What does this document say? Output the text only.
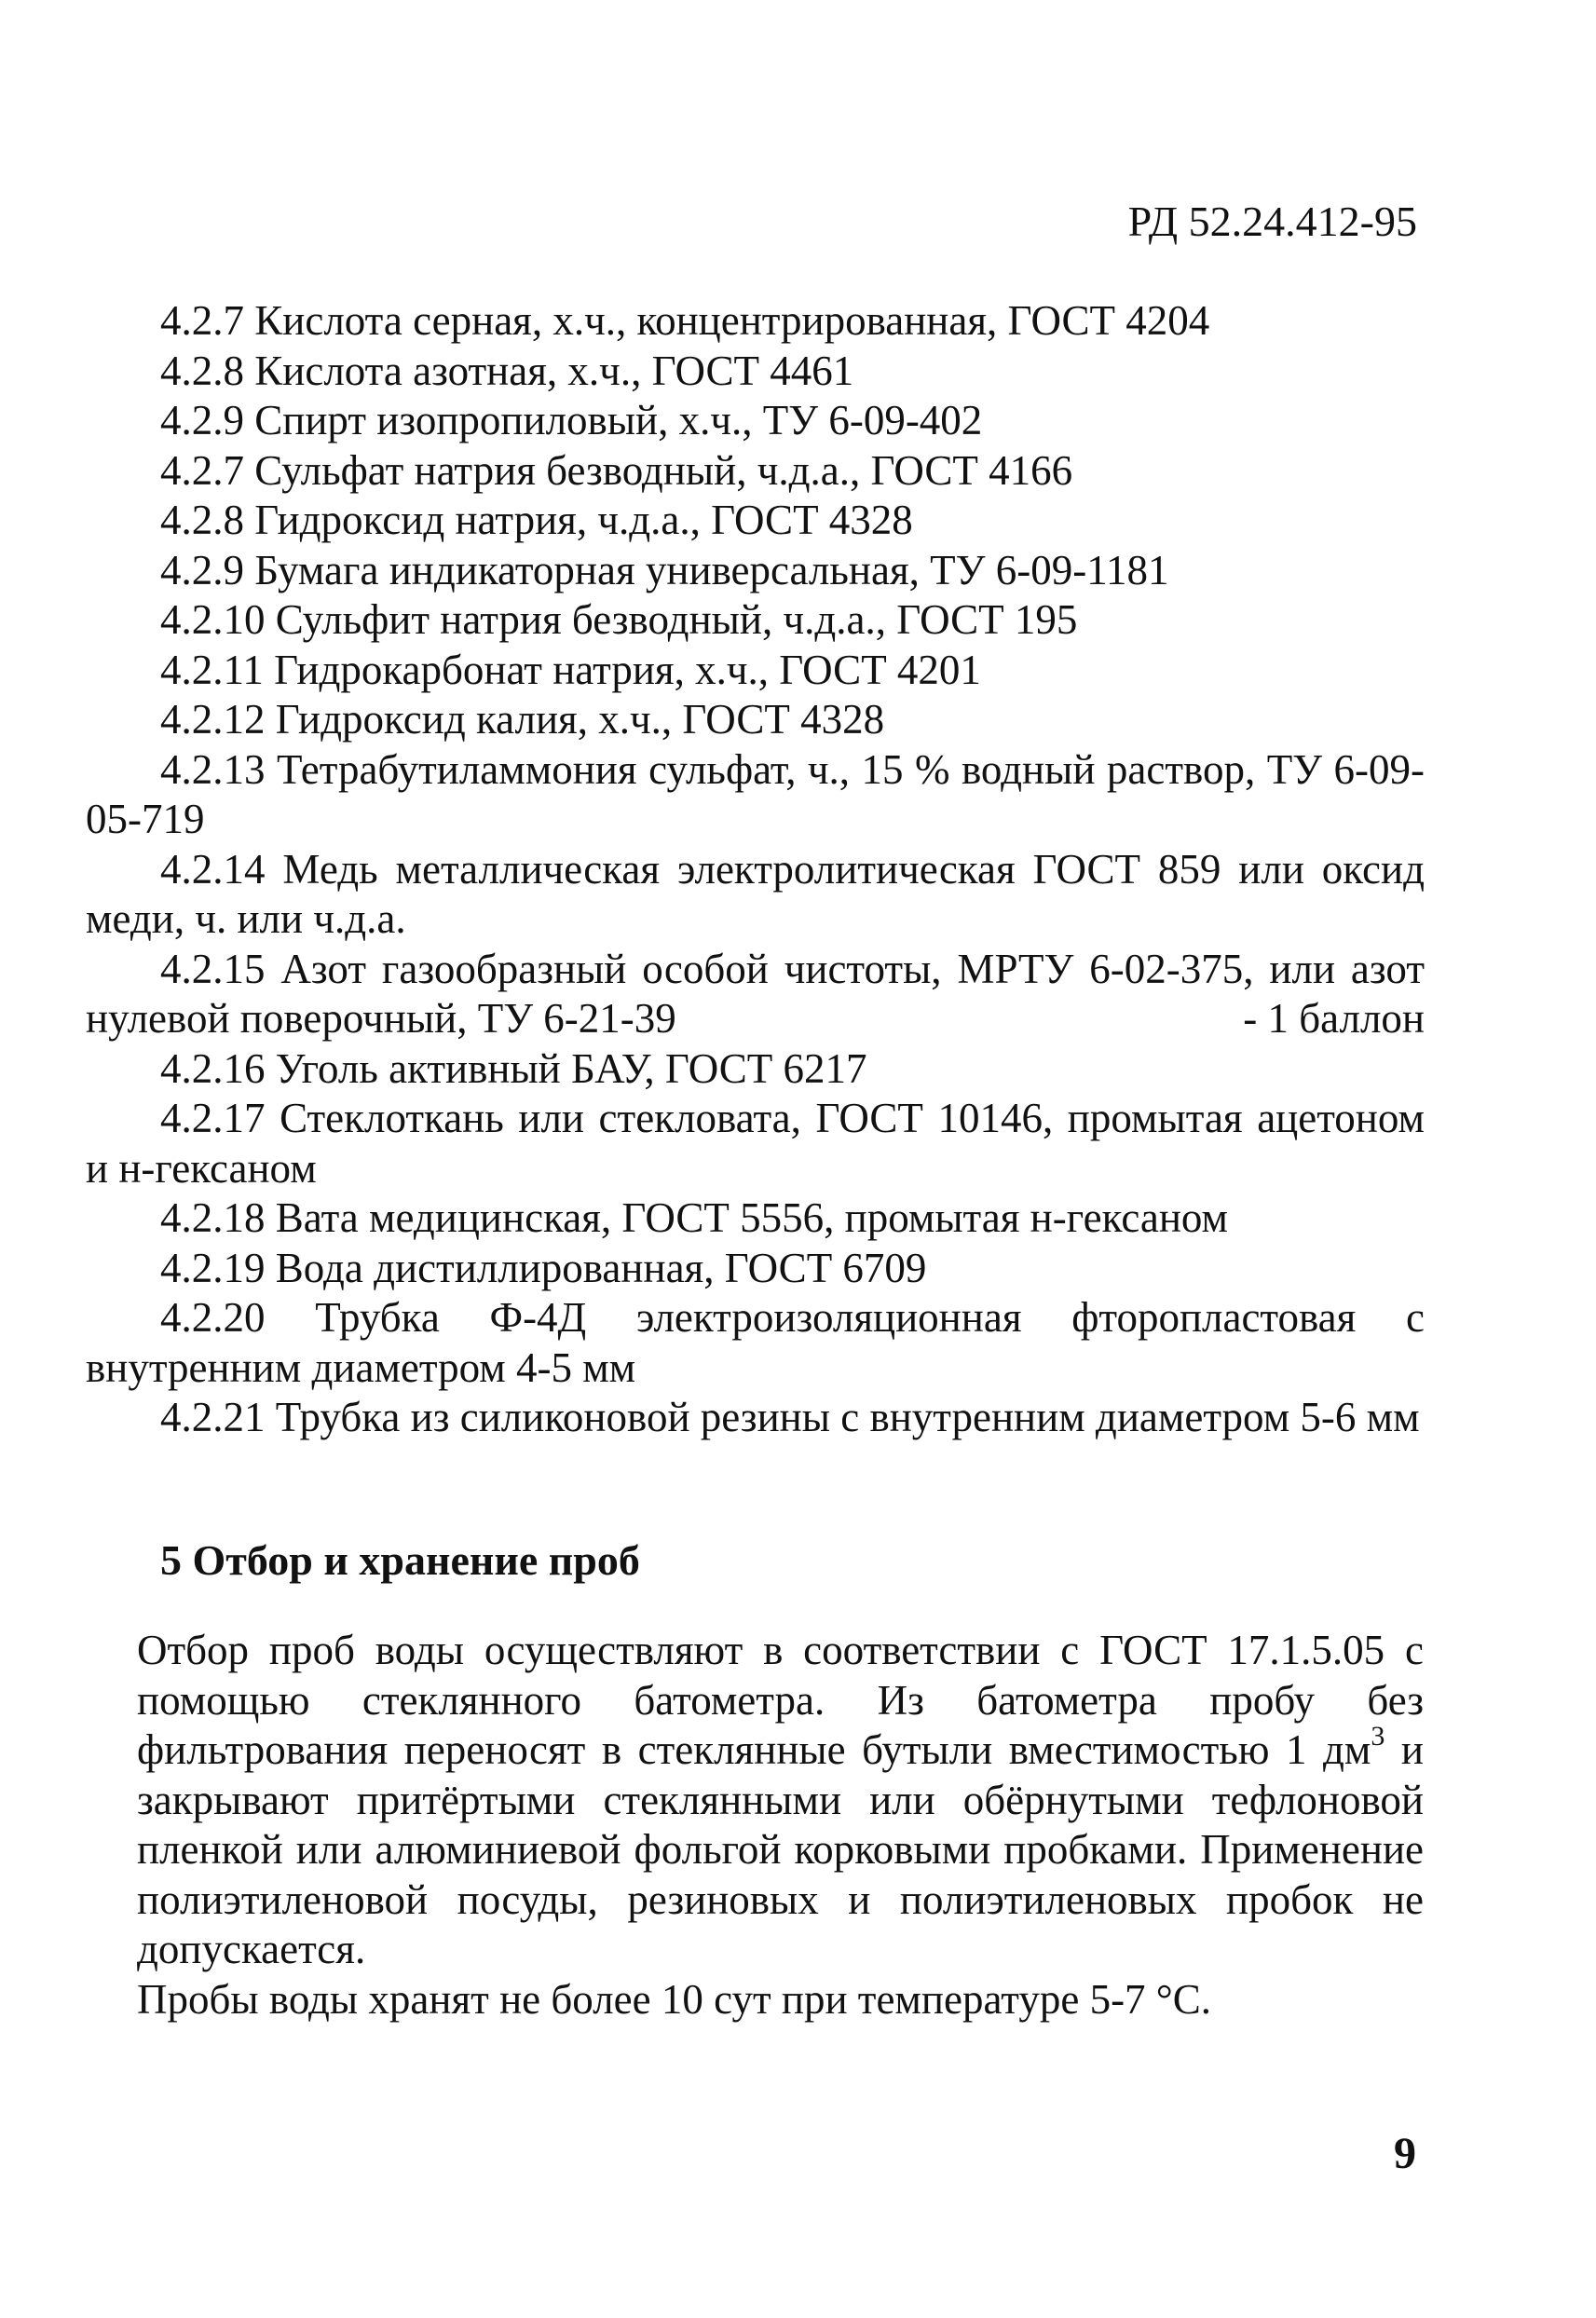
РД 52.24.412-95

4.2.7 Кислота серная, х.ч., концентрированная, ГОСТ 4204

4.2.8 Кислота азотная, х.ч., ГОСТ 4461

4.2.9 Спирт изопропиловый, х.ч., ТУ 6-09-402

4.2.7 Сульфат натрия безводный, ч.д.а., ГОСТ 4166

4.2.8 Гидроксид натрия, ч.д.а., ГОСТ 4328

4.2.9 Бумага индикаторная универсальная, ТУ 6-09-1181

4.2.10 Сульфит натрия безводный, ч.д.а., ГОСТ 195

4.2.11 Гидрокарбонат натрия, х.ч., ГОСТ 4201

4.2.12 Гидроксид калия, х.ч., ГОСТ 4328

4.2.13 Тетрабутиламмония сульфат, ч., 15 % водный раствор, ТУ 6-09-05-719

4.2.14 Медь металлическая электролитическая ГОСТ 859 или оксид меди, ч. или ч.д.а.

4.2.15 Азот газообразный особой чистоты, МРТУ 6-02-375, или азот нулевой поверочный, ТУ 6-21-39	- 1 баллон

4.2.16 Уголь активный БАУ, ГОСТ 6217

4.2.17 Стеклоткань или стекловата, ГОСТ 10146, промытая ацетоном и н-гексаном

4.2.18 Вата медицинская, ГОСТ 5556, промытая н-гексаном

4.2.19 Вода дистиллированная, ГОСТ 6709

4.2.20 Трубка Ф-4Д электроизоляционная фторопластовая с внутренним диаметром 4-5 мм

4.2.21 Трубка из силиконовой резины с внутренним диаметром 5-6 мм

5 Отбор и хранение проб

Отбор проб воды осуществляют в соответствии с ГОСТ 17.1.5.05 с помощью стеклянного батометра. Из батометра пробу без фильтрования переносят в стеклянные бутыли вместимостью 1 $дм^3$ и закрывают притёртыми стеклянными или обёрнутыми тефлоновой пленкой или алюминиевой фольгой корковыми пробками. Применение полиэтиленовой посуды, резиновых и полиэтиленовых пробок не допускается.

Пробы воды хранят не более 10 сут при температуре 5-7 °С.

9
